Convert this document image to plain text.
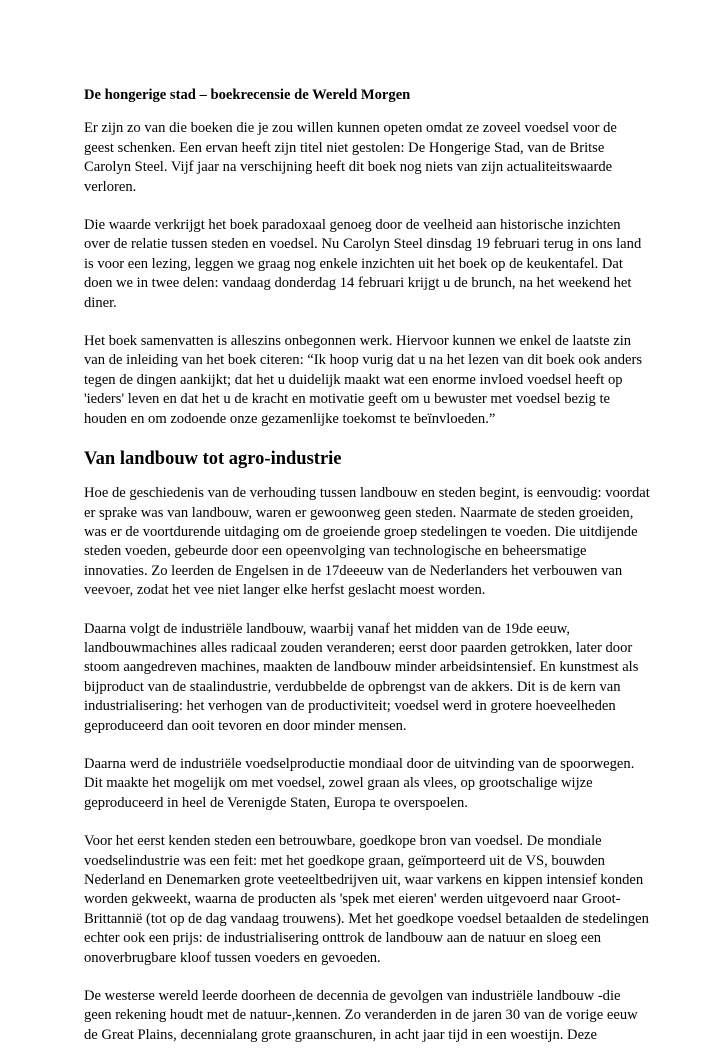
De hongerige stad – boekrecensie de Wereld Morgen

Er zijn zo van die boeken die je zou willen kunnen opeten omdat ze zoveel voedsel voor de geest schenken. Een ervan heeft zijn titel niet gestolen: De Hongerige Stad, van de Britse Carolyn Steel. Vijf jaar na verschijning heeft dit boek nog niets van zijn actualiteitswaarde verloren.

Die waarde verkrijgt het boek paradoxaal genoeg door de veelheid aan historische inzichten over de relatie tussen steden en voedsel. Nu Carolyn Steel dinsdag 19 februari terug in ons land is voor een lezing, leggen we graag nog enkele inzichten uit het boek op de keukentafel. Dat doen we in twee delen: vandaag donderdag 14 februari krijgt u de brunch, na het weekend het diner.

Het boek samenvatten is alleszins onbegonnen werk. Hiervoor kunnen we enkel de laatste zin van de inleiding van het boek citeren: “Ik hoop vurig dat u na het lezen van dit boek ook anders tegen de dingen aankijkt; dat het u duidelijk maakt wat een enorme invloed voedsel heeft op 'ieders' leven en dat het u de kracht en motivatie geeft om u bewuster met voedsel bezig te houden en om zodoende onze gezamenlijke toekomst te beïnvloeden.”

Van landbouw tot agro-industrie

Hoe de geschiedenis van de verhouding tussen landbouw en steden begint, is eenvoudig: voordat er sprake was van landbouw, waren er gewoonweg geen steden. Naarmate de steden groeiden, was er de voortdurende uitdaging om de groeiende groep stedelingen te voeden. Die uitdijende steden voeden, gebeurde door een opeenvolging van technologische en beheersmatige innovaties. Zo leerden de Engelsen in de 17deeeuw van de Nederlanders het verbouwen van veevoer, zodat het vee niet langer elke herfst geslacht moest worden.

Daarna volgt de industriële landbouw, waarbij vanaf het midden van de 19de eeuw, landbouwmachines alles radicaal zouden veranderen; eerst door paarden getrokken, later door stoom aangedreven machines, maakten de landbouw minder arbeidsintensief. En kunstmest als bijproduct van de staalindustrie, verdubbelde de opbrengst van de akkers. Dit is de kern van industrialisering: het verhogen van de productiviteit; voedsel werd in grotere hoeveelheden geproduceerd dan ooit tevoren en door minder mensen.

Daarna werd de industriële voedselproductie mondiaal door de uitvinding van de spoorwegen. Dit maakte het mogelijk om met voedsel, zowel graan als vlees, op grootschalige wijze geproduceerd in heel de Verenigde Staten, Europa te overspoelen.

Voor het eerst kenden steden een betrouwbare, goedkope bron van voedsel. De mondiale voedselindustrie was een feit: met het goedkope graan, geïmporteerd uit de VS, bouwden Nederland en Denemarken grote veeteeltbedrijven uit, waar varkens en kippen intensief konden worden gekweekt, waarna de producten als 'spek met eieren' werden uitgevoerd naar Groot-Brittannië (tot op de dag vandaag trouwens). Met het goedkope voedsel betaalden de stedelingen echter ook een prijs: de industrialisering onttrok de landbouw aan de natuur en sloeg een onoverbrugbare kloof tussen voeders en gevoeden.

De westerse wereld leerde doorheen de decennia de gevolgen van industriële landbouw -die geen rekening houdt met de natuur-,kennen. Zo veranderden in de jaren 30 van de vorige eeuw de Great Plains, decennialang grote graanschuren, in acht jaar tijd in een woestijn. Deze
